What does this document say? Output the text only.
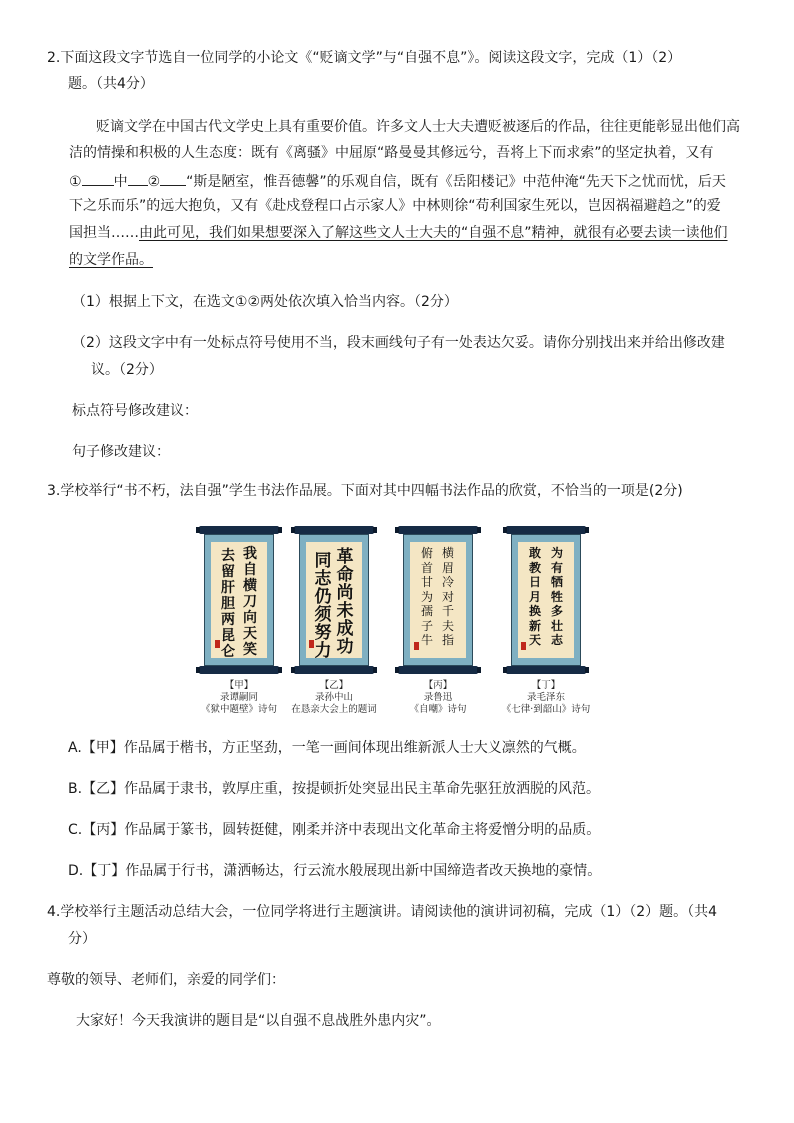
2.下面这段文字节选自一位同学的小论文《“贬谪文学”与“自强不息”》。阅读这段文字，完成（1）（2）
题。（共4分）
贬谪文学在中国古代文学史上具有重要价值。许多文人士大夫遭贬被逐后的作品，往往更能彰显出他们高
洁的情操和积极的人生态度：既有《离骚》中屈原“路曼曼其修远兮，吾将上下而求索”的坚定执着，又有
① 中 ② “斯是陋室，惟吾德馨”的乐观自信，既有《岳阳楼记》中范仲淹“先天下之忧而忧，后天
下之乐而乐”的远大抱负，又有《赴戍登程口占示家人》中林则徐“苟利国家生死以，岂因祸福避趋之”的爱
国担当……由此可见，我们如果想要深入了解这些文人士大夫的“自强不息”精神，就很有必要去读一读他们
的文学作品。
（1）根据上下文，在选文①②两处依次填入恰当内容。（2分）
（2）这段文字中有一处标点符号使用不当，段末画线句子有一处表达欠妥。请你分别找出来并给出修改建
议。（2分）
标点符号修改建议：
句子修改建议：
3.学校举行“书不朽，法自强”学生书法作品展。下面对其中四幅书法作品的欣赏，不恰当的一项是(2分)
我自横刀向天笑
去留肝胆两昆仑
革命尚未成功
同志仍须努力
横眉冷对千夫指
俯首甘为孺子牛
为有牺牲多壮志
敢教日月换新天
【甲】
录谭嗣同
《狱中题壁》诗句
【乙】
录孙中山
在恳亲大会上的题词
【丙】
录鲁迅
《自嘲》诗句
【丁】
录毛泽东
《七律·到韶山》诗句
A.【甲】作品属于楷书，方正坚劲，一笔一画间体现出维新派人士大义凛然的气概。
B.【乙】作品属于隶书，敦厚庄重，按提顿折处突显出民主革命先驱狂放洒脱的风范。
C.【丙】作品属于篆书，圆转挺健，刚柔并济中表现出文化革命主将爱憎分明的品质。
D.【丁】作品属于行书，潇洒畅达，行云流水般展现出新中国缔造者改天换地的豪情。
4.学校举行主题活动总结大会，一位同学将进行主题演讲。请阅读他的演讲词初稿，完成（1）（2）题。（共4
分）
尊敬的领导、老师们，亲爱的同学们：
大家好！今天我演讲的题目是“以自强不息战胜外患内灾”。
